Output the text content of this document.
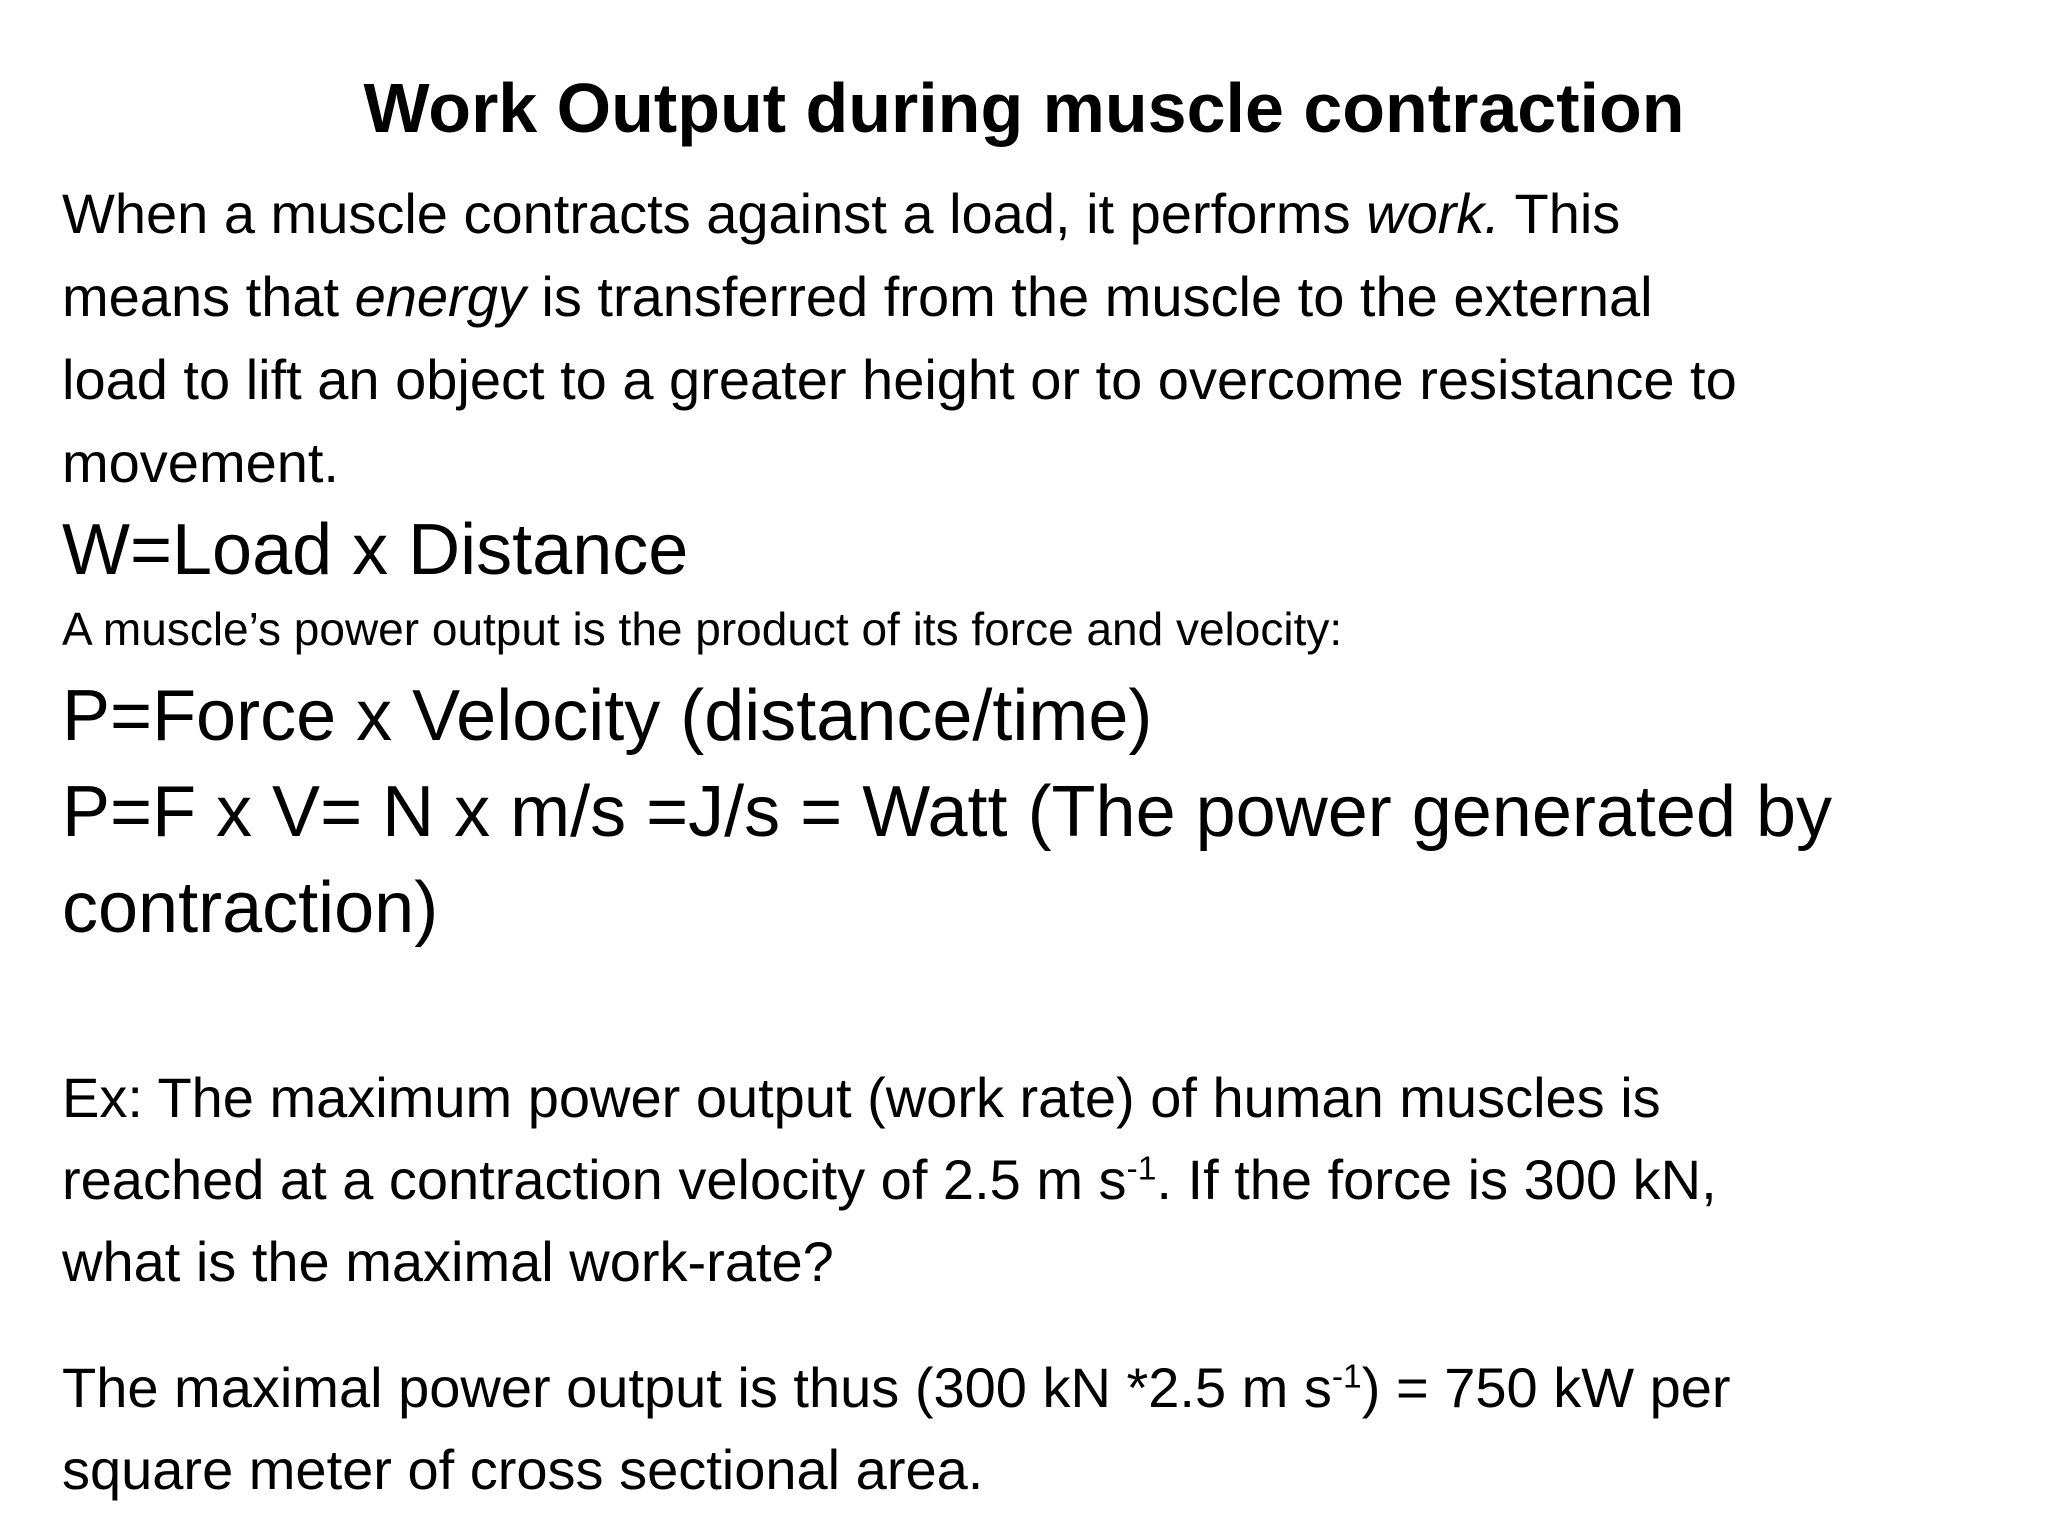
Work Output during muscle contraction
When a muscle contracts against a load, it performs work. This
means that energy is transferred from the muscle to the external
load to lift an object to a greater height or to overcome resistance to
movement.
W=Load x Distance
A muscle’s power output is the product of its force and velocity:
P=Force x Velocity (distance/time)
P=F x V= N x m/s =J/s = Watt (The power generated by
contraction)
Ex: The maximum power output (work rate) of human muscles is
reached at a contraction velocity of 2.5 m $s^{-1}$. If the force is 300 kN,
what is the maximal work-rate?
The maximal power output is thus (300 kN *2.5 m $s^{-1}) = 750$ kW per
square meter of cross sectional area.
